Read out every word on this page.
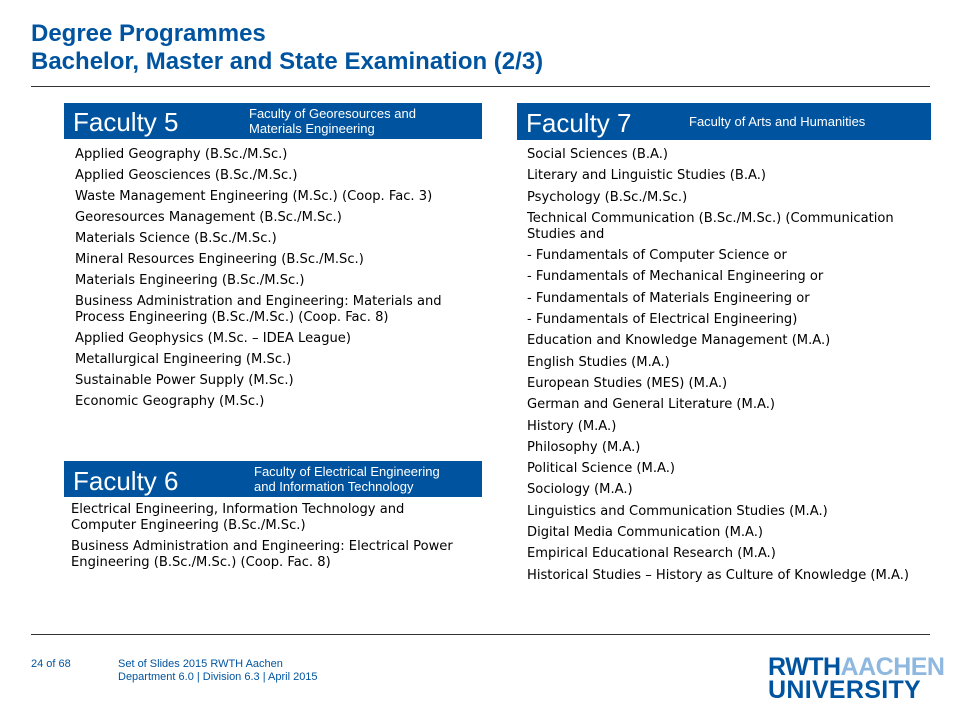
Degree Programmes
Bachelor, Master and State Examination (2/3)
Faculty 5	Faculty of Georesources and
Materials Engineering
Applied Geography (B.Sc./M.Sc.)
Applied Geosciences (B.Sc./M.Sc.)
Waste Management Engineering (M.Sc.) (Coop. Fac. 3)
Georesources Management (B.Sc./M.Sc.)
Materials Science (B.Sc./M.Sc.)
Mineral Resources Engineering (B.Sc./M.Sc.)
Materials Engineering (B.Sc./M.Sc.)
Business Administration and Engineering: Materials and Process Engineering (B.Sc./M.Sc.) (Coop. Fac. 8)
Applied Geophysics (M.Sc. – IDEA League)
Metallurgical Engineering (M.Sc.)
Sustainable Power Supply (M.Sc.)
Economic Geography (M.Sc.)
Faculty 6	Faculty of Electrical Engineering
and Information Technology
Electrical Engineering, Information Technology and Computer Engineering (B.Sc./M.Sc.)
Business Administration and Engineering: Electrical Power Engineering (B.Sc./M.Sc.) (Coop. Fac. 8)
Faculty 7	Faculty of Arts and Humanities
Social Sciences (B.A.)
Literary and Linguistic Studies (B.A.)
Psychology (B.Sc./M.Sc.)
Technical Communication (B.Sc./M.Sc.) (Communication Studies and
- Fundamentals of Computer Science or
- Fundamentals of Mechanical Engineering or
- Fundamentals of Materials Engineering or
- Fundamentals of Electrical Engineering)
Education and Knowledge Management (M.A.)
English Studies (M.A.)
European Studies (MES) (M.A.)
German and General Literature (M.A.)
History (M.A.)
Philosophy (M.A.)
Political Science (M.A.)
Sociology (M.A.)
Linguistics and Communication Studies (M.A.)
Digital Media Communication (M.A.)
Empirical Educational Research (M.A.)
Historical Studies – History as Culture of Knowledge (M.A.)
24 of 68	Set of Slides 2015 RWTH Aachen
Department 6.0 | Division 6.3 | April 2015	RWTHAACHEN
UNIVERSITY
